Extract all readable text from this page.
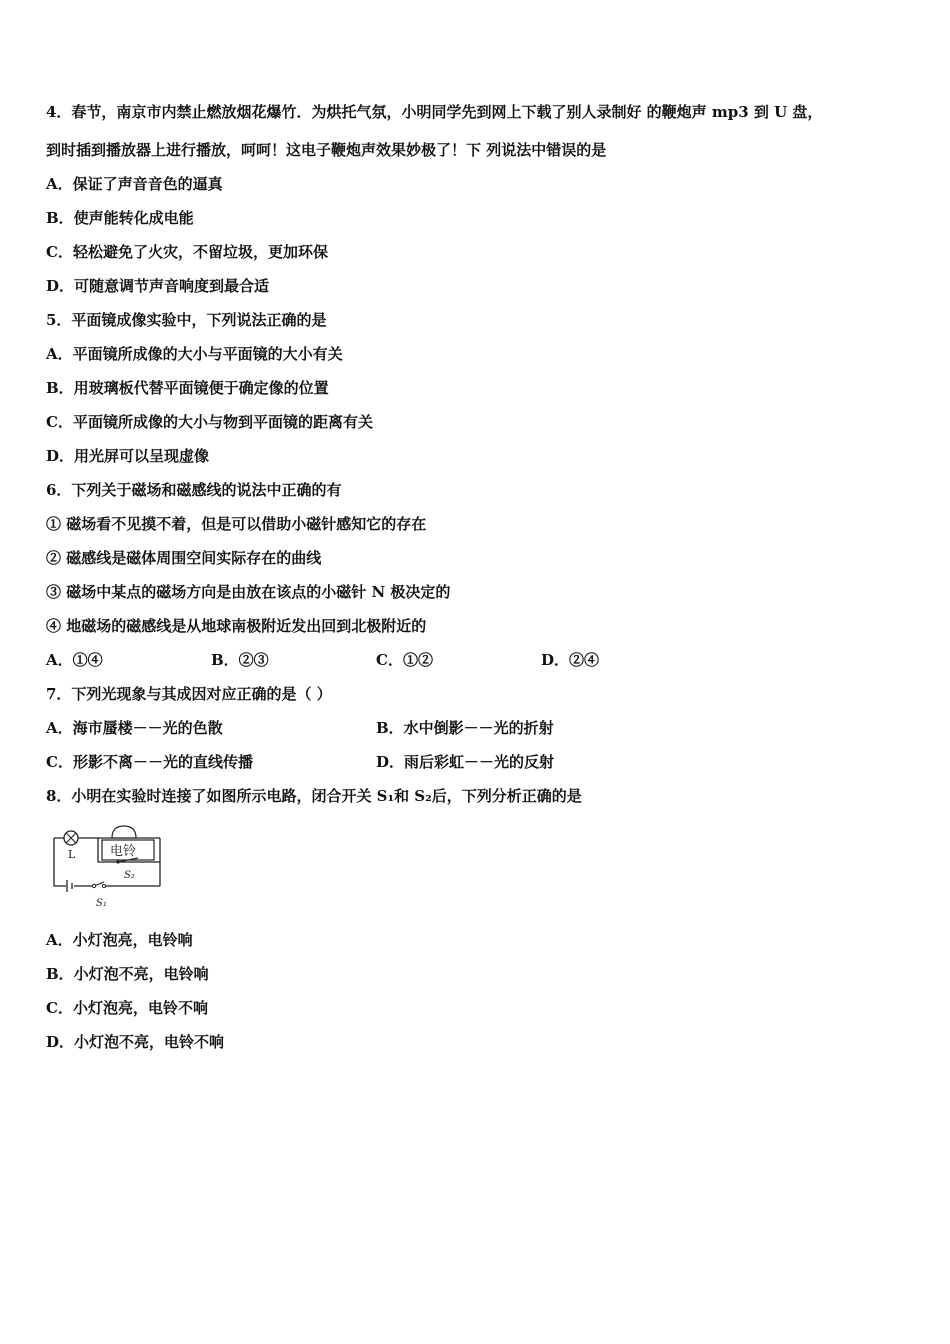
4．春节，南京市内禁止燃放烟花爆竹．为烘托气氛，小明同学先到网上下载了别人录制好 的鞭炮声 mp3 到 U 盘，
到时插到播放器上进行播放，呵呵！这电子鞭炮声效果妙极了！下 列说法中错误的是
A．保证了声音音色的逼真
B．使声能转化成电能
C．轻松避免了火灾，不留垃圾，更加环保
D．可随意调节声音响度到最合适
5．平面镜成像实验中，下列说法正确的是
A．平面镜所成像的大小与平面镜的大小有关
B．用玻璃板代替平面镜便于确定像的位置
C．平面镜所成像的大小与物到平面镜的距离有关
D．用光屏可以呈现虚像
6．下列关于磁场和磁感线的说法中正确的有
① 磁场看不见摸不着，但是可以借助小磁针感知它的存在
② 磁感线是磁体周围空间实际存在的曲线
③ 磁场中某点的磁场方向是由放在该点的小磁针 N 极决定的
④ 地磁场的磁感线是从地球南极附近发出回到北极附近的
A．①④	B．②③	C．①②	D．②④
7．下列光现象与其成因对应正确的是（ ）
A．海市蜃楼－－光的色散	B．水中倒影－－光的折射
C．形影不离－－光的直线传播	D．雨后彩虹－－光的反射
8．小明在实验时连接了如图所示电路，闭合开关 S₁和 S₂后，下列分析正确的是
L	电铃
S₂
S₁
A．小灯泡亮，电铃响
B．小灯泡不亮，电铃响
C．小灯泡亮，电铃不响
D．小灯泡不亮，电铃不响
